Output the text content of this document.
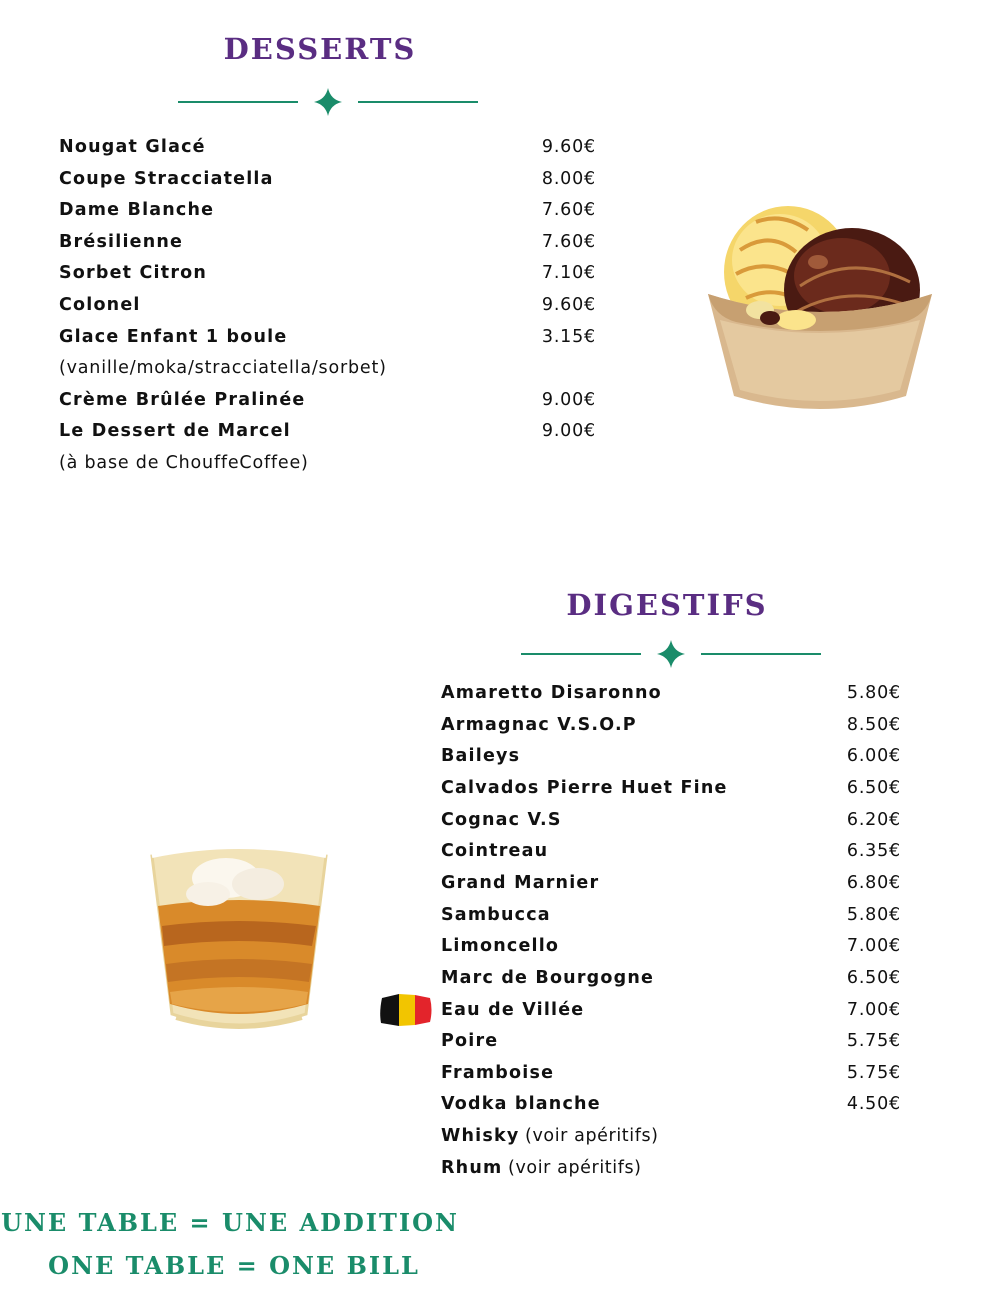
DESSERTS
Nougat Glacé	9.60€
Coupe Stracciatella	8.00€
Dame Blanche	7.60€
Brésilienne	7.60€
Sorbet Citron	7.10€
Colonel	9.60€
Glace Enfant 1 boule	3.15€
(vanille/moka/stracciatella/sorbet)
Crème Brûlée Pralinée	9.00€
Le Dessert de Marcel	9.00€
(à base de ChouffeCoffee)
DIGESTIFS
Amaretto Disaronno	5.80€
Armagnac V.S.O.P	8.50€
Baileys	6.00€
Calvados Pierre Huet Fine	6.50€
Cognac V.S	6.20€
Cointreau	6.35€
Grand Marnier	6.80€
Sambucca	5.80€
Limoncello	7.00€
Marc de Bourgogne	6.50€
Eau de Villée	7.00€
Poire	5.75€
Framboise	5.75€
Vodka blanche	4.50€
Whisky (voir apéritifs)
Rhum (voir apéritifs)
UNE TABLE = UNE ADDITION
ONE TABLE = ONE BILL
